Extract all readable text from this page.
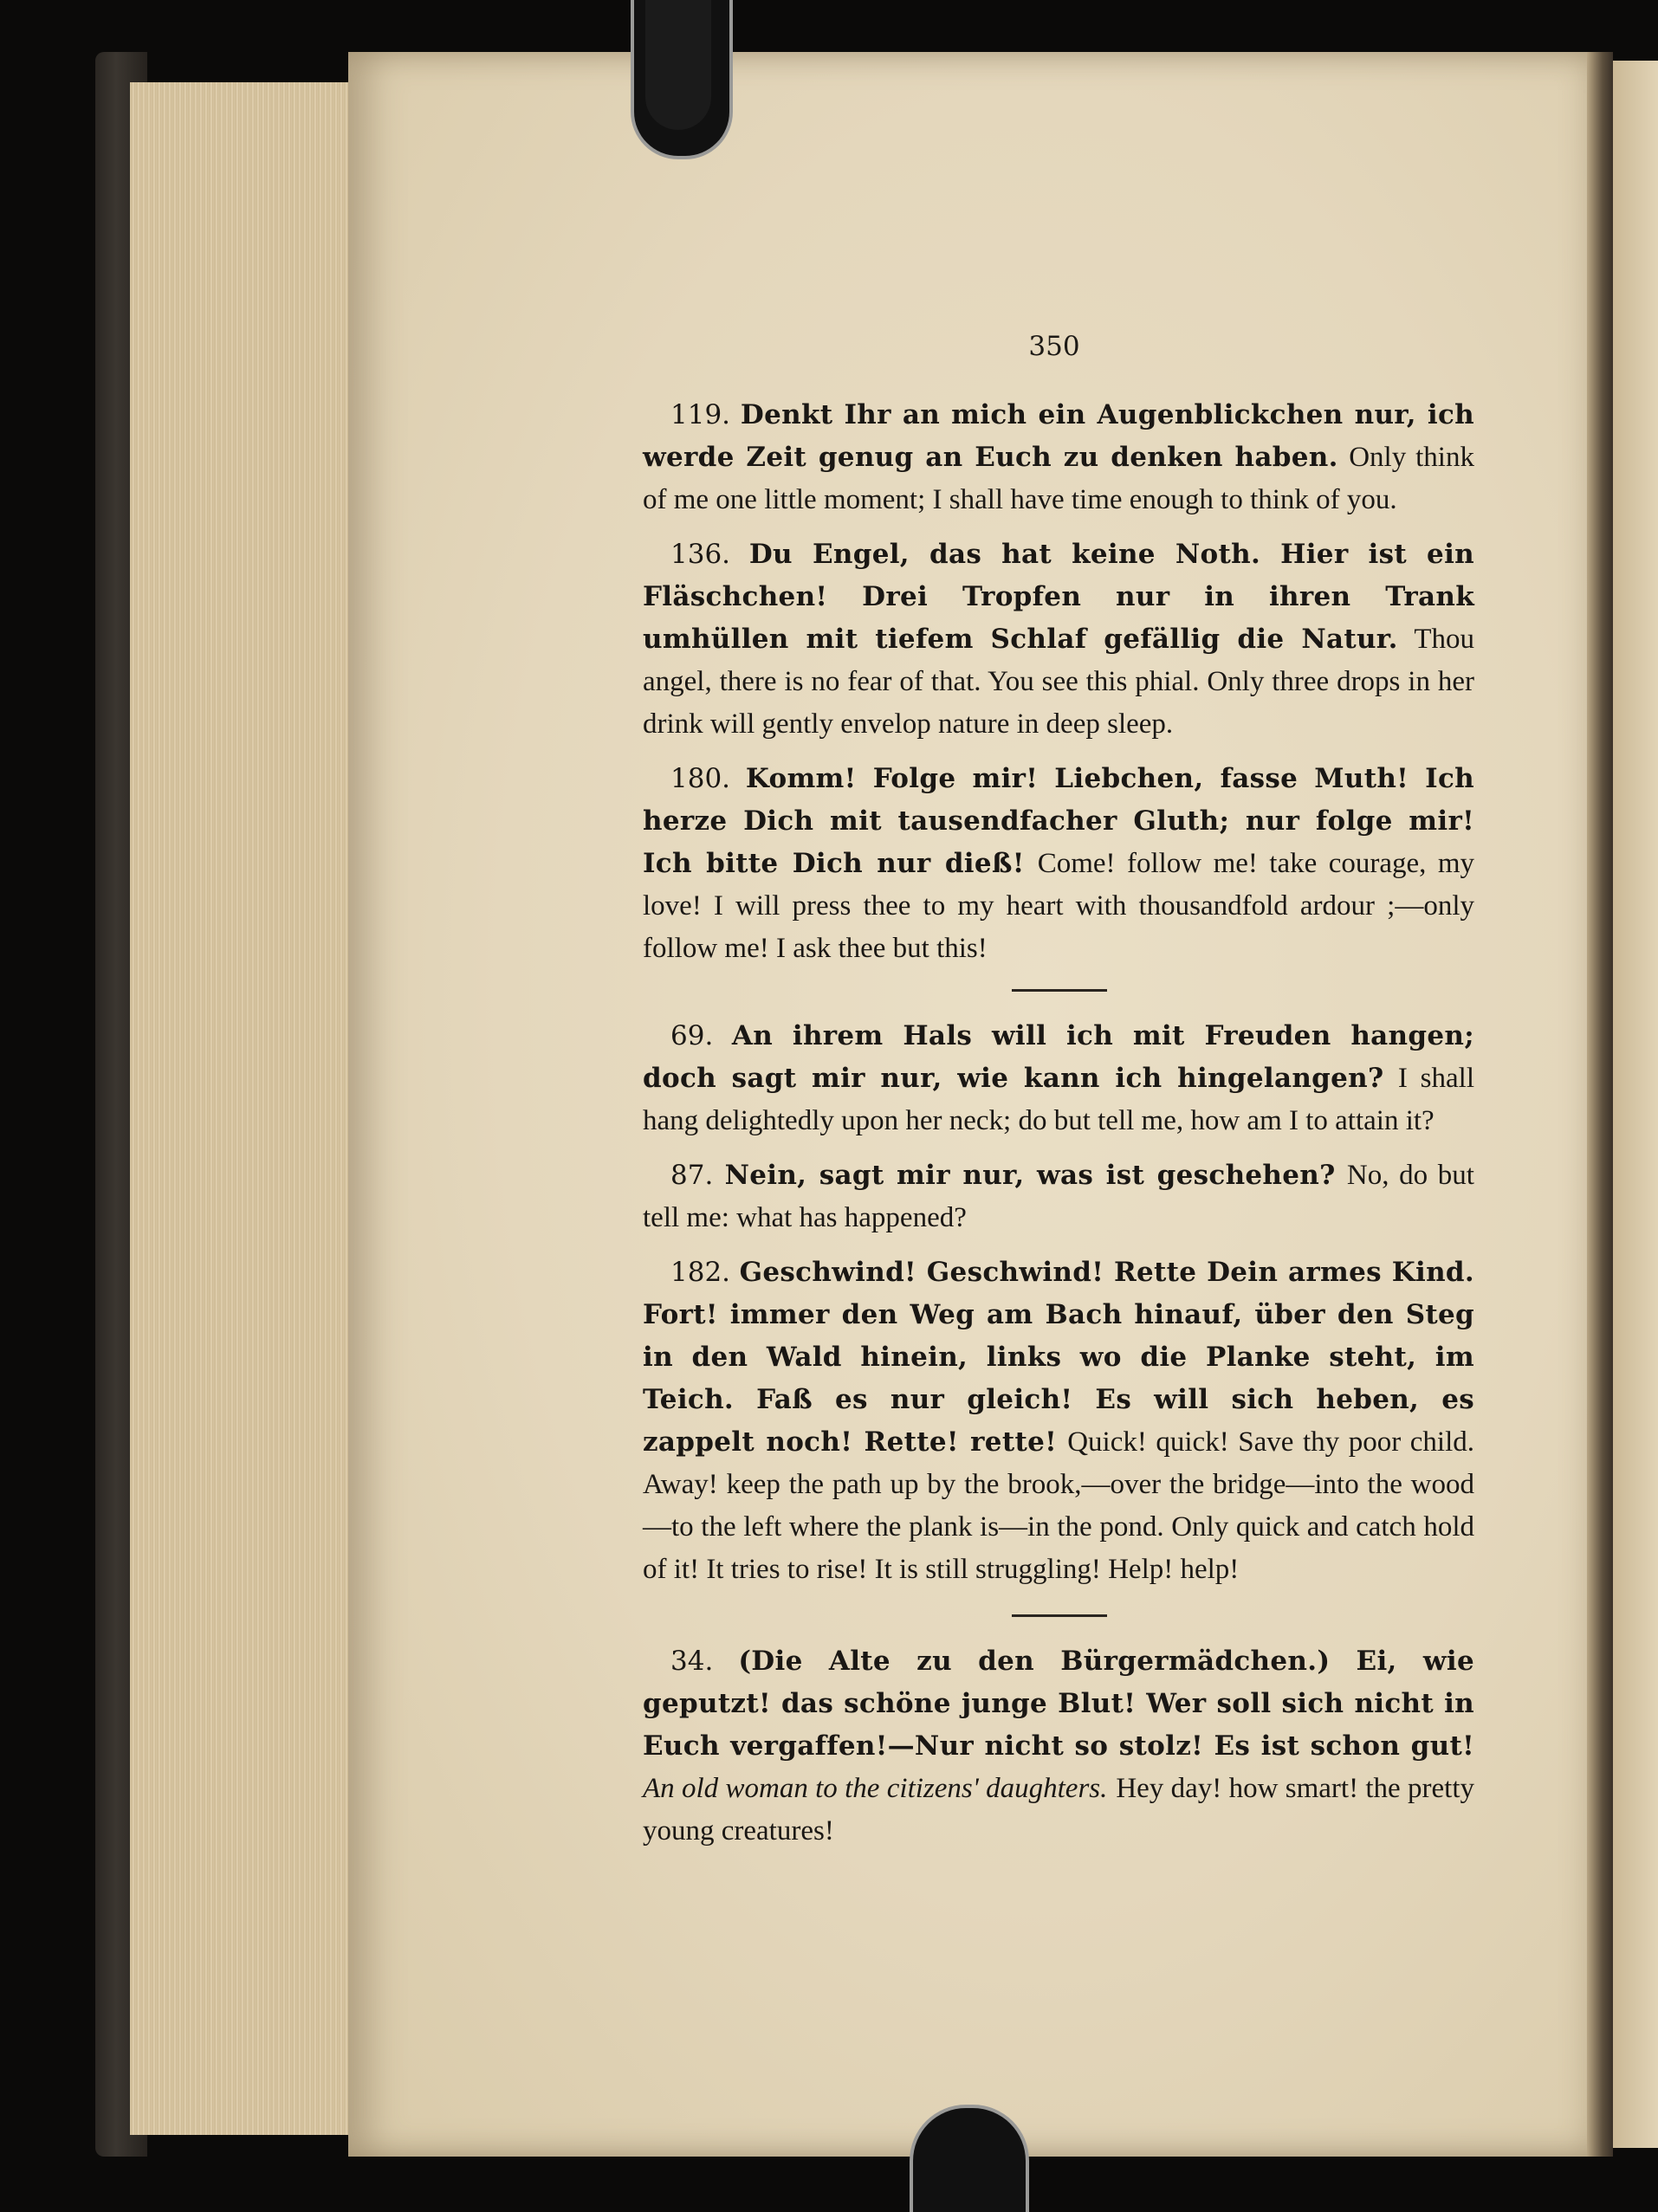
350

119. Denkt Ihr an mich ein Augenblickchen nur, ich werde Zeit genug an Euch zu denken haben. Only think of me one little moment; I shall have time enough to think of you.

136. Du Engel, das hat keine Noth. Hier ist ein Fläschchen! Drei Tropfen nur in ihren Trank umhüllen mit tiefem Schlaf gefällig die Natur. Thou angel, there is no fear of that. You see this phial. Only three drops in her drink will gently envelop nature in deep sleep.

180. Komm! Folge mir! Liebchen, fasse Muth! Ich herze Dich mit tausendfacher Gluth; nur folge mir! Ich bitte Dich nur dieß! Come! follow me! take courage, my love! I will press thee to my heart with thousandfold ardour ;—only follow me! I ask thee but this!

69. An ihrem Hals will ich mit Freuden hangen; doch sagt mir nur, wie kann ich hingelangen? I shall hang delightedly upon her neck; do but tell me, how am I to attain it?

87. Nein, sagt mir nur, was ist geschehen? No, do but tell me: what has happened?

182. Geschwind! Geschwind! Rette Dein armes Kind. Fort! immer den Weg am Bach hinauf, über den Steg in den Wald hinein, links wo die Planke steht, im Teich. Faß es nur gleich! Es will sich heben, es zappelt noch! Rette! rette! Quick! quick! Save thy poor child. Away! keep the path up by the brook,—over the bridge—into the wood—to the left where the plank is—in the pond. Only quick and catch hold of it! It tries to rise! It is still struggling! Help! help!

34. (Die Alte zu den Bürgermädchen.) Ei, wie geputzt! das schöne junge Blut! Wer soll sich nicht in Euch vergaffen!—Nur nicht so stolz! Es ist schon gut! An old woman to the citizens' daughters. Hey day! how smart! the pretty young creatures!
